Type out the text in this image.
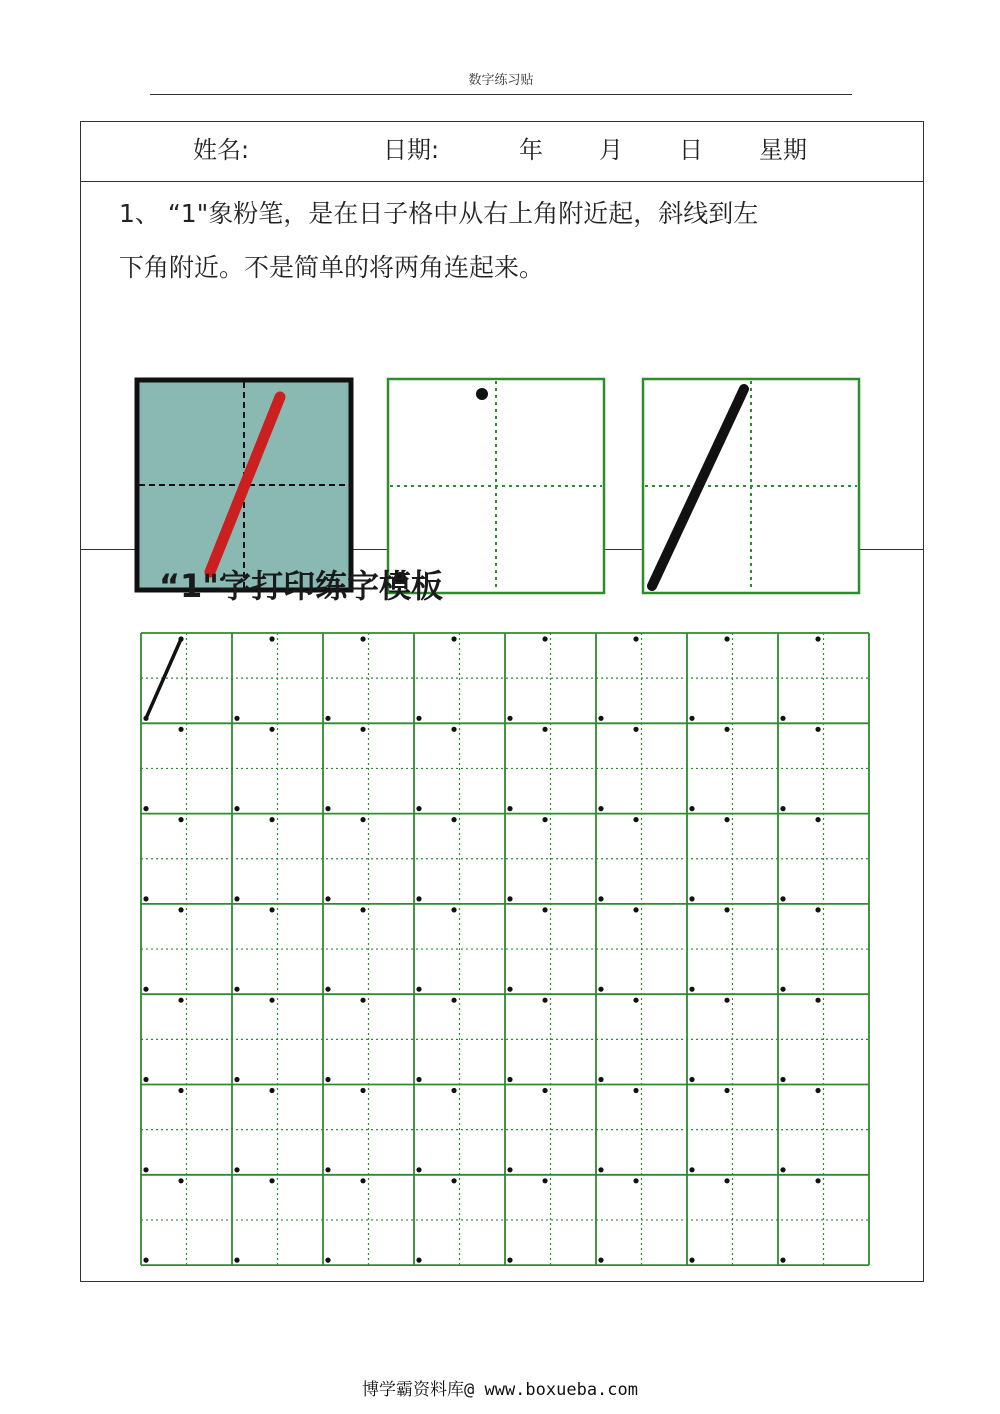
数字练习贴
姓名:	日期:	年 月 日 星期
1、 “1"象粉笔，是在日子格中从右上角附近起，斜线到左
下角附近。不是简单的将两角连起来。
“1"字打印练字模板
博学霸资料库@ www.boxueba.com
